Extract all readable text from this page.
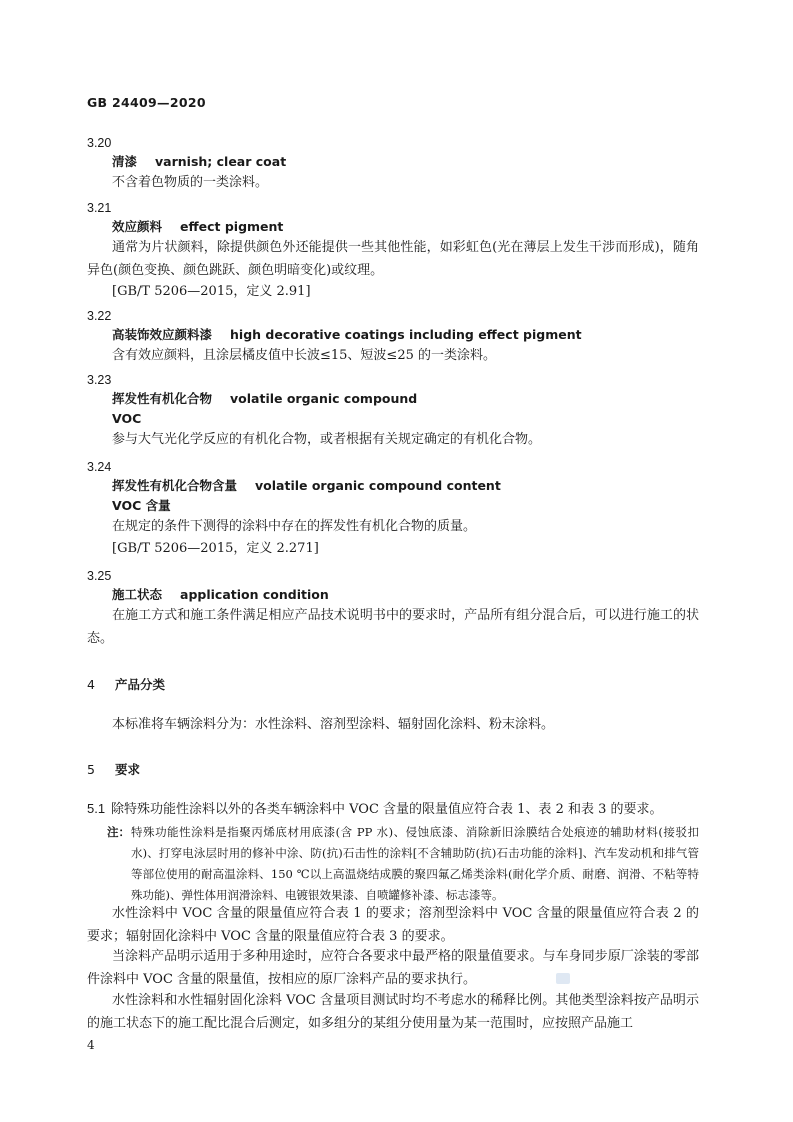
GB 24409—2020
3.20
清漆 varnish; clear coat
不含着色物质的一类涂料。
3.21
效应颜料 effect pigment
通常为片状颜料，除提供颜色外还能提供一些其他性能，如彩虹色(光在薄层上发生干涉而形成)，随角异色(颜色变换、颜色跳跃、颜色明暗变化)或纹理。
[GB/T 5206—2015，定义 2.91]
3.22
高装饰效应颜料漆 high decorative coatings including effect pigment
含有效应颜料，且涂层橘皮值中长波≤15、短波≤25 的一类涂料。
3.23
挥发性有机化合物 volatile organic compound
VOC
参与大气光化学反应的有机化合物，或者根据有关规定确定的有机化合物。
3.24
挥发性有机化合物含量 volatile organic compound content
VOC 含量
在规定的条件下测得的涂料中存在的挥发性有机化合物的质量。
[GB/T 5206—2015，定义 2.271]
3.25
施工状态 application condition
在施工方式和施工条件满足相应产品技术说明书中的要求时，产品所有组分混合后，可以进行施工的状态。
4 产品分类
本标准将车辆涂料分为：水性涂料、溶剂型涂料、辐射固化涂料、粉末涂料。
5 要求
5.1 除特殊功能性涂料以外的各类车辆涂料中 VOC 含量的限量值应符合表 1、表 2 和表 3 的要求。
注： 特殊功能性涂料是指聚丙烯底材用底漆(含 PP 水)、侵蚀底漆、消除新旧涂膜结合处痕迹的辅助材料(接驳扣水)、打穿电泳层时用的修补中涂、防(抗)石击性的涂料[不含辅助防(抗)石击功能的涂料]、汽车发动机和排气管等部位使用的耐高温涂料、150 ℃以上高温烧结成膜的聚四氟乙烯类涂料(耐化学介质、耐磨、润滑、不粘等特殊功能)、弹性体用润滑涂料、电镀银效果漆、自喷罐修补漆、标志漆等。
水性涂料中 VOC 含量的限量值应符合表 1 的要求；溶剂型涂料中 VOC 含量的限量值应符合表 2 的要求；辐射固化涂料中 VOC 含量的限量值应符合表 3 的要求。
当涂料产品明示适用于多种用途时，应符合各要求中最严格的限量值要求。与车身同步原厂涂装的零部件涂料中 VOC 含量的限量值，按相应的原厂涂料产品的要求执行。
水性涂料和水性辐射固化涂料 VOC 含量项目测试时均不考虑水的稀释比例。其他类型涂料按产品明示的施工状态下的施工配比混合后测定，如多组分的某组分使用量为某一范围时，应按照产品施工
4
